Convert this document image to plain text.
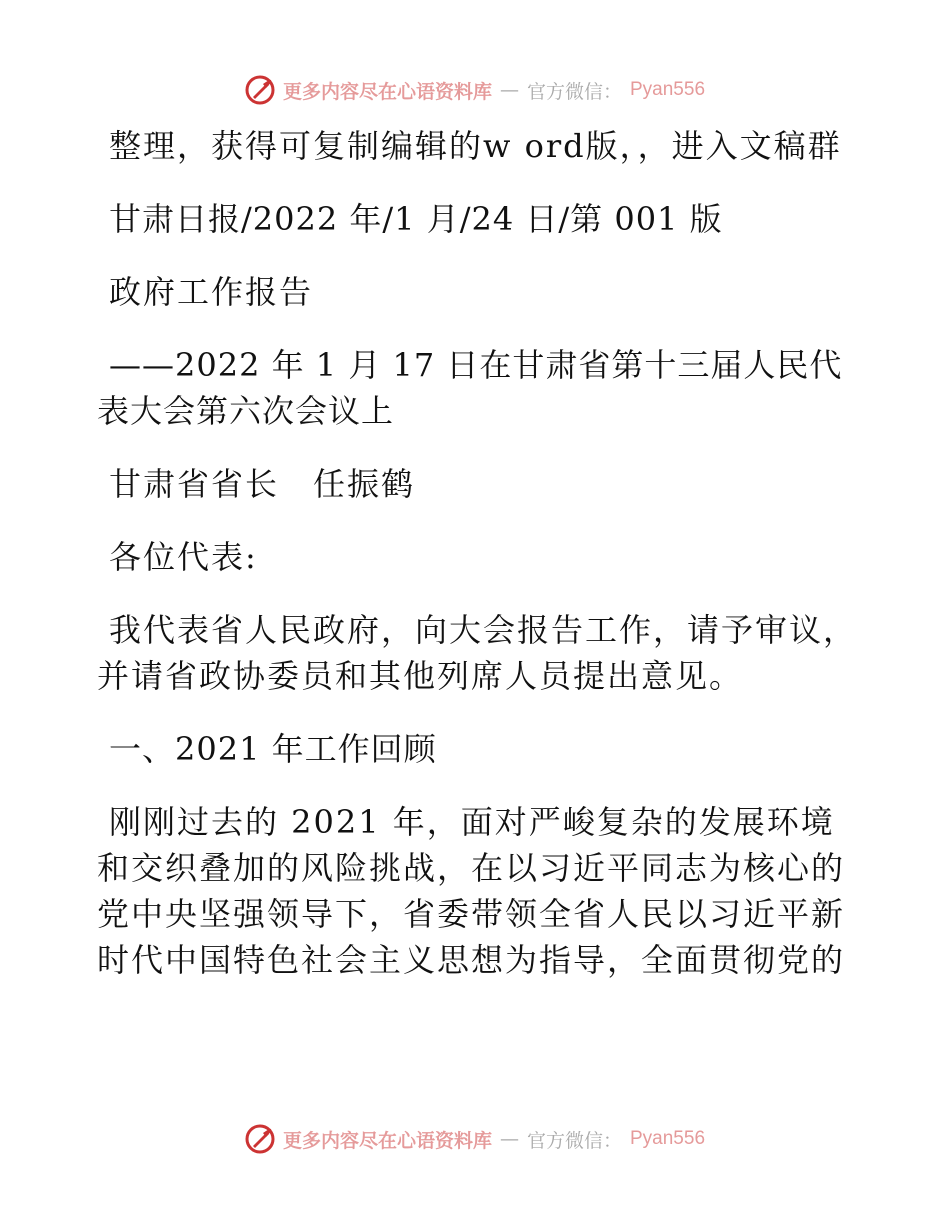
更多内容尽在心语资料库 — 官方微信： Pyan556

整理，获得可复制编辑的w ord版，，进入文稿群

甘肃日报/2022 年/1 月/24 日/第 001 版

政府工作报告

——2022 年 1 月 17 日在甘肃省第十三届人民代表大会第六次会议上

甘肃省省长　任振鹤

各位代表:

我代表省人民政府，向大会报告工作，请予审议，并请省政协委员和其他列席人员提出意见。

一、2021 年工作回顾

刚刚过去的 2021 年，面对严峻复杂的发展环境和交织叠加的风险挑战，在以习近平同志为核心的党中央坚强领导下，省委带领全省人民以习近平新时代中国特色社会主义思想为指导，全面贯彻党的

更多内容尽在心语资料库 — 官方微信： Pyan556
